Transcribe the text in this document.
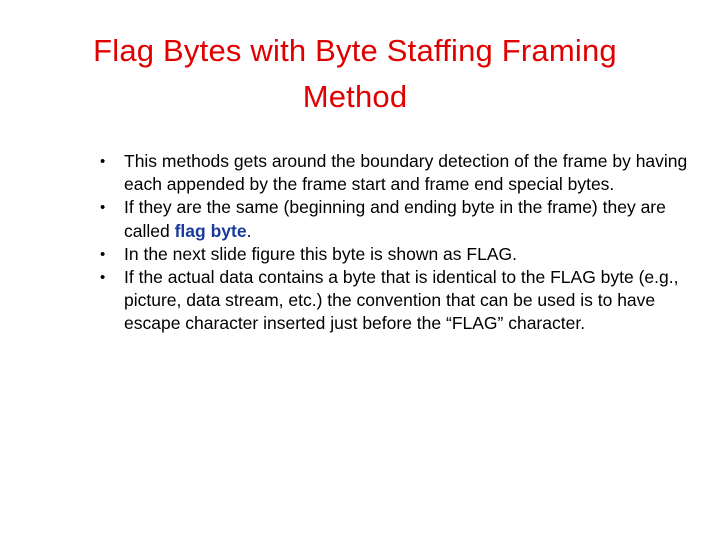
Flag Bytes with Byte Staffing Framing
Method
•	This methods gets around the boundary detection of the frame by having each appended by the frame start and frame end special bytes.
•	If they are the same (beginning and ending byte in the frame) they are called flag byte.
•	In the next slide figure this byte is shown as FLAG.
•	If the actual data contains a byte that is identical to the FLAG byte (e.g., picture, data stream, etc.) the convention that can be used is to have escape character inserted just before the “FLAG” character.
